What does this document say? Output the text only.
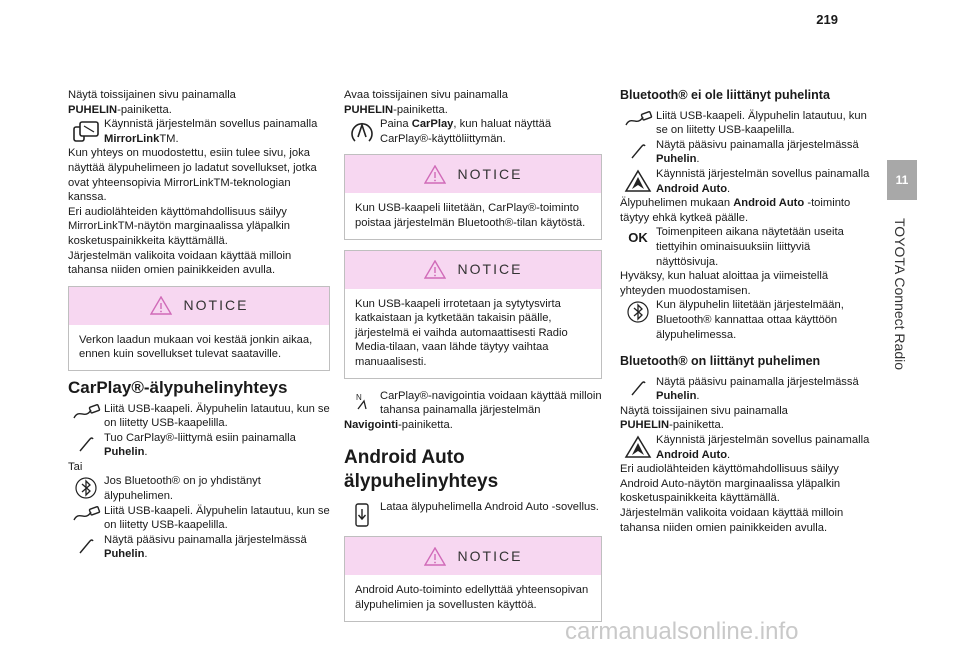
219
11
TOYOTA Connect Radio

Näytä toissijainen sivu painamalla
PUHELIN-painiketta.

Käynnistä järjestelmän sovellus painamalla MirrorLinkTM.

Kun yhteys on muodostettu, esiin tulee sivu, joka näyttää älypuhelimeen jo ladatut sovellukset, jotka ovat yhteensopivia MirrorLinkTM-teknologian kanssa.

Eri audiolähteiden käyttömahdollisuus säilyy MirrorLinkTM-näytön marginaalissa yläpalkin kosketuspainikkeita käyttämällä.

Järjestelmän valikoita voidaan käyttää milloin tahansa niiden omien painikkeiden avulla.

NOTICE
Verkon laadun mukaan voi kestää jonkin aikaa, ennen kuin sovellukset tulevat saataville.
CarPlay®-älypuhelinyhteys
Liitä USB-kaapeli. Älypuhelin latautuu, kun se on liitetty USB-kaapelilla.
Tuo CarPlay®-liittymä esiin painamalla Puhelin.

Tai

Jos Bluetooth® on jo yhdistänyt älypuhelimen.
Liitä USB-kaapeli. Älypuhelin latautuu, kun se on liitetty USB-kaapelilla.
Näytä pääsivu painamalla järjestelmässä Puhelin.

Avaa toissijainen sivu painamalla
PUHELIN-painiketta.

Paina CarPlay, kun haluat näyttää CarPlay®-käyttöliittymän.
NOTICE
Kun USB-kaapeli liitetään, CarPlay®-toiminto poistaa järjestelmän Bluetooth®-tilan käytöstä.
NOTICE
Kun USB-kaapeli irrotetaan ja sytytysvirta katkaistaan ja kytketään takaisin päälle, järjestelmä ei vaihda automaattisesti Radio Media-tilaan, vaan lähde täytyy vaihtaa manuaalisesti.
N CarPlay®-navigointia voidaan käyttää milloin tahansa painamalla järjestelmän

Navigointi-painiketta.

Android Auto älypuhelinyhteys
Lataa älypuhelimella Android Auto -sovellus.
NOTICE
Android Auto-toiminto edellyttää yhteensopivan älypuhelimien ja sovellusten käyttöä.
Bluetooth® ei ole liittänyt puhelinta
Liitä USB-kaapeli. Älypuhelin latautuu, kun se on liitetty USB-kaapelilla.
Näytä pääsivu painamalla järjestelmässä Puhelin.
Käynnistä järjestelmän sovellus painamalla Android Auto.

Älypuhelimen mukaan Android Auto -toiminto täytyy ehkä kytkeä päälle.

OK Toimenpiteen aikana näytetään useita tiettyihin ominaisuuksiin liittyviä näyttösivuja.

Hyväksy, kun haluat aloittaa ja viimeistellä yhteyden muodostamisen.

Kun älypuhelin liitetään järjestelmään, Bluetooth® kannattaa ottaa käyttöön älypuhelimessa.
Bluetooth® on liittänyt puhelimen
Näytä pääsivu painamalla järjestelmässä Puhelin.

Näytä toissijainen sivu painamalla
PUHELIN-painiketta.

Käynnistä järjestelmän sovellus painamalla Android Auto.

Eri audiolähteiden käyttömahdollisuus säilyy Android Auto-näytön marginaalissa yläpalkin kosketuspainikkeita käyttämällä.

Järjestelmän valikoita voidaan käyttää milloin tahansa niiden omien painikkeiden avulla.

carmanualsonline.info
